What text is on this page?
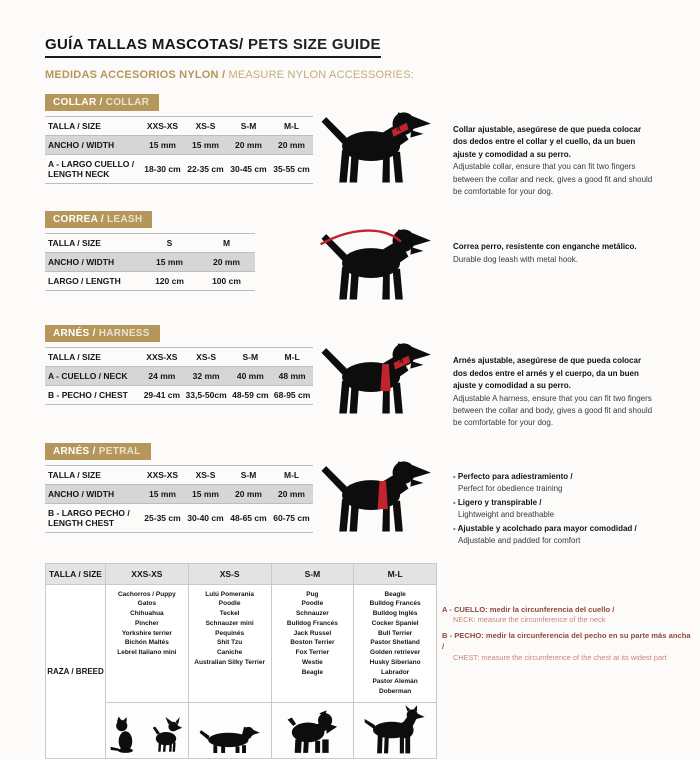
GUÍA TALLAS MASCOTAS/ PETS SIZE GUIDE
MEDIDAS ACCESORIOS NYLON / MEASURE NYLON ACCESSORIES:
COLLAR / COLLAR
TALLA / SIZE	XXS-XS	XS-S	S-M	M-L
ANCHO / WIDTH	15 mm	15 mm	20 mm	20 mm
A - LARGO CUELLO / LENGTH NECK	18-30 cm	22-35 cm	30-45 cm	35-55 cm
A	Collar ajustable, asegúrese de que pueda colocar dos dedos entre el collar y el cuello, da un buen ajuste y comodidad a su perro.
Adjustable collar, ensure that you can fit two fingers between the collar and neck, gives a good fit and should be comfortable for your dog.
CORREA / LEASH
TALLA / SIZE	S	M
ANCHO / WIDTH	15 mm	20 mm
LARGO / LENGTH	120 cm	100 cm
Correa perro, resistente con enganche metálico.
Durable dog leash with metal hook.
ARNÉS / HARNESS
TALLA / SIZE	XXS-XS	XS-S	S-M	M-L
A - CUELLO / NECK	24 mm	32 mm	40 mm	48 mm
B - PECHO / CHEST	29-41 cm	33,5-50cm	48-59 cm	68-95 cm
A
B
Arnés ajustable, asegúrese de que pueda colocar dos dedos entre el arnés y el cuerpo, da un buen ajuste y comodidad a su perro.
Adjustable A harness, ensure that you can fit two fingers between the collar and body, gives a good fit and should be comfortable for your dog.
ARNÉS / PETRAL
TALLA / SIZE	XXS-XS	XS-S	S-M	M-L
ANCHO / WIDTH	15 mm	15 mm	20 mm	20 mm
B - LARGO PECHO / LENGTH CHEST	25-35 cm	30-40 cm	48-65 cm	60-75 cm
B
- Perfecto para adiestramiento /
Perfect for obedience training
- Ligero y transpirable /
Lightweight and breathable
- Ajustable y acolchado para mayor comodidad /
Adjustable and padded for comfort
TALLA / SIZE	XXS-XS	XS-S	S-M	M-L
RAZA / BREED	
Cachorros / Puppy
Gatos
Chihuahua
Pincher
Yorkshire terrier
Bichón Maltés
Lebrel Italiano mini

Lulú Pomerania
Poodle
Teckel
Schnauzer mini
Pequinés
Shit Tzu
Caniche
Australian Silky Terrier

Pug
Poodle
Schnauzer
Bulldog Francés
Jack Russel
Boston Terrier
Fox Terrier
Westie
Beagle

Beagle
Bulldog Francés
Bulldog Inglés
Cocker Spaniel
Bull Terrier
Pastor Shetland
Golden retriever
Husky Siberiano
Labrador
Pastor Alemán
Doberman

A - CUELLO: medir la circunferencia del cuello /
NECK: measure the circumference of the neck
B - PECHO: medir la circunferencia del pecho en su parte más ancha /
CHEST: measure the circumference of the chest at its widest part
